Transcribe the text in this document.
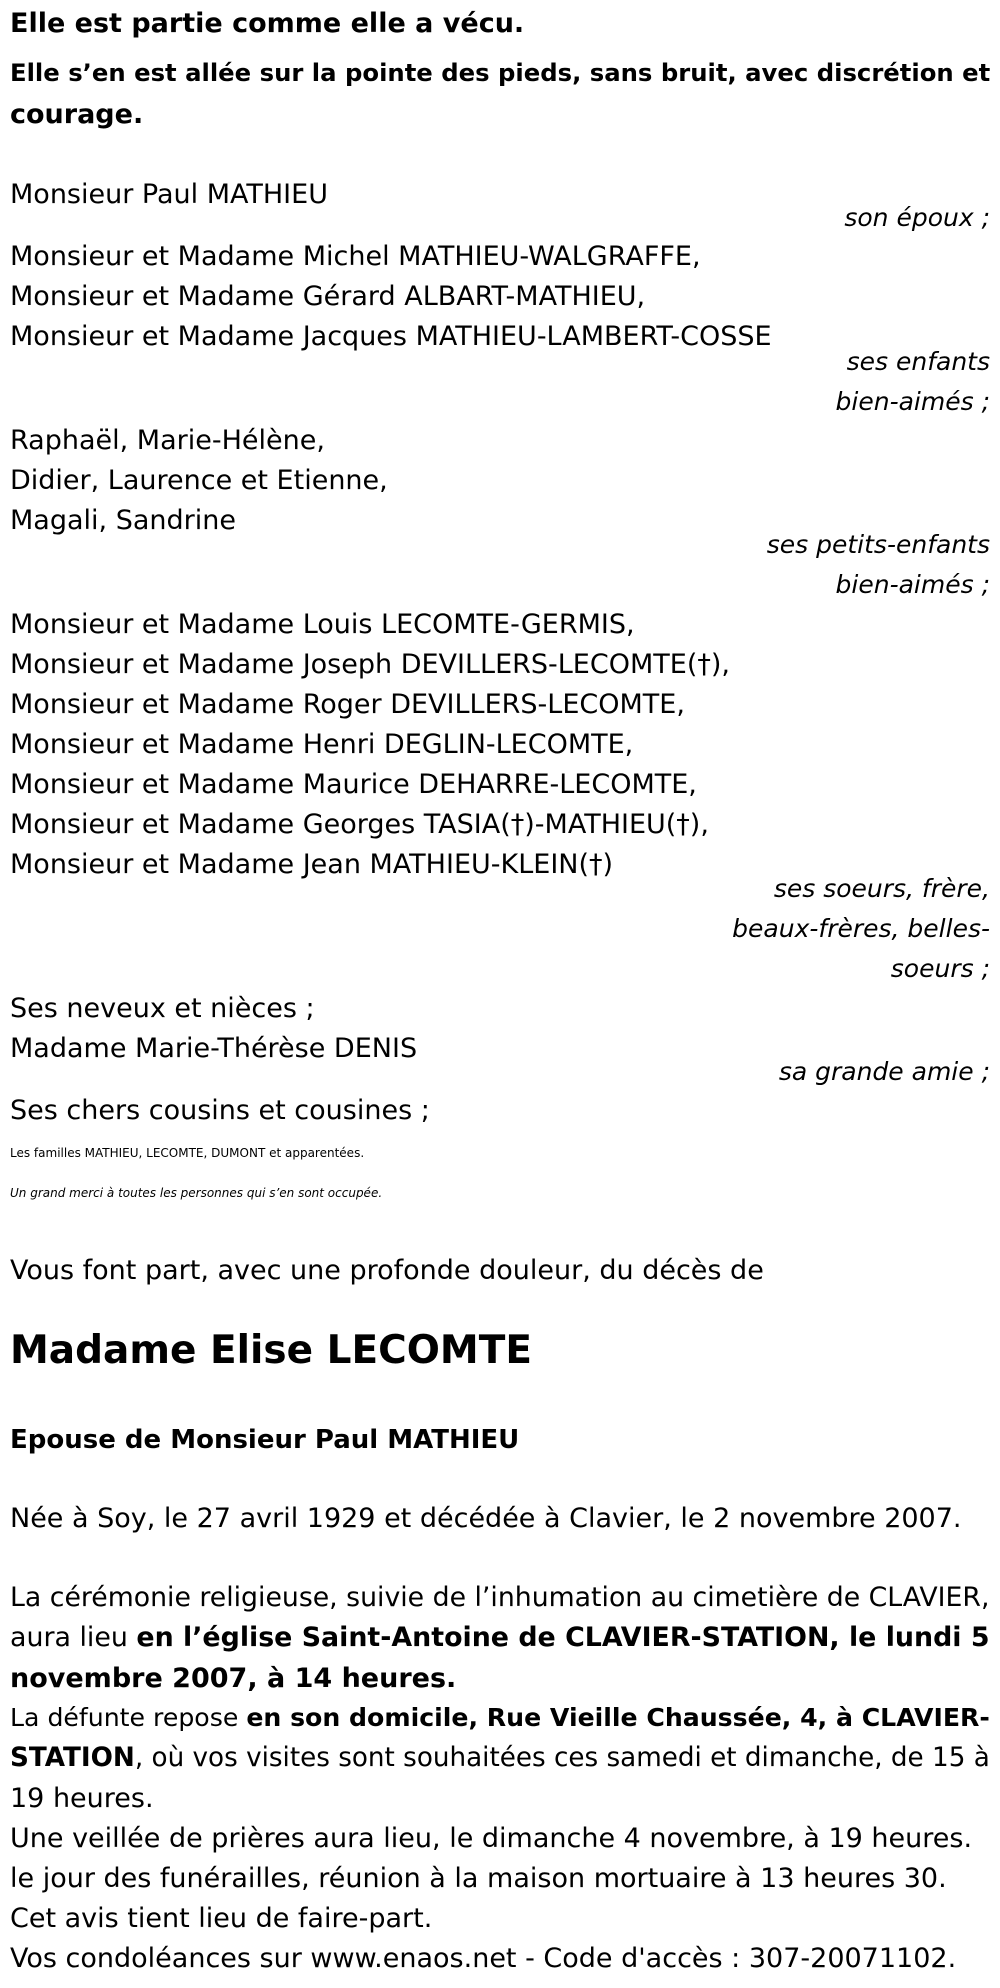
Elle est partie comme elle a vécu.
Elle s’en est allée sur la pointe des pieds, sans bruit, avec discrétion et
courage.
Monsieur Paul MATHIEU
son époux ;
Monsieur et Madame Michel MATHIEU-WALGRAFFE,
Monsieur et Madame Gérard ALBART-MATHIEU,
Monsieur et Madame Jacques MATHIEU-LAMBERT-COSSE
ses enfants
bien-aimés ;
Raphaël, Marie-Hélène,
Didier, Laurence et Etienne,
Magali, Sandrine
ses petits-enfants
bien-aimés ;
Monsieur et Madame Louis LECOMTE-GERMIS,
Monsieur et Madame Joseph DEVILLERS-LECOMTE(†),
Monsieur et Madame Roger DEVILLERS-LECOMTE,
Monsieur et Madame Henri DEGLIN-LECOMTE,
Monsieur et Madame Maurice DEHARRE-LECOMTE,
Monsieur et Madame Georges TASIA(†)-MATHIEU(†),
Monsieur et Madame Jean MATHIEU-KLEIN(†)
ses soeurs, frère,
beaux-frères, belles-
soeurs ;
Ses neveux et nièces ;
Madame Marie-Thérèse DENIS
sa grande amie ;
Ses chers cousins et cousines ;
Les familles MATHIEU, LECOMTE, DUMONT et apparentées.
Un grand merci à toutes les personnes qui s’en sont occupée.
Vous font part, avec une profonde douleur, du décès de
Madame Elise LECOMTE
Epouse de Monsieur Paul MATHIEU
Née à Soy, le 27 avril 1929 et décédée à Clavier, le 2 novembre 2007.
La cérémonie religieuse, suivie de l’inhumation au cimetière de CLAVIER,
aura lieu en l’église Saint-Antoine de CLAVIER-STATION, le lundi 5
novembre 2007, à 14 heures.
La défunte repose en son domicile, Rue Vieille Chaussée, 4, à CLAVIER-
STATION, où vos visites sont souhaitées ces samedi et dimanche, de 15 à
19 heures.
Une veillée de prières aura lieu, le dimanche 4 novembre, à 19 heures.
le jour des funérailles, réunion à la maison mortuaire à 13 heures 30.
Cet avis tient lieu de faire-part.
Vos condoléances sur www.enaos.net - Code d'accès : 307-20071102.
